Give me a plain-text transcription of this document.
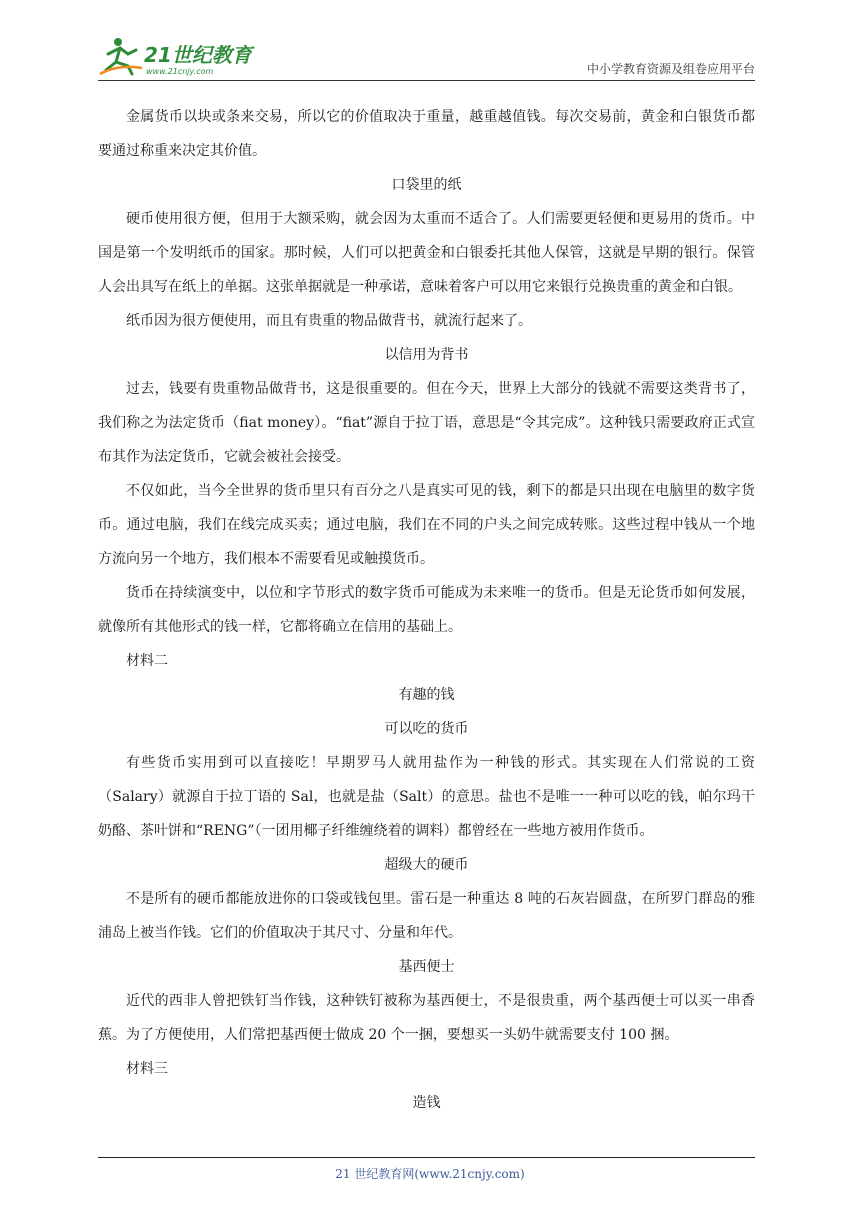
21世纪教育
www.21cnjy.com	中小学教育资源及组卷应用平台

金属货币以块或条来交易，所以它的价值取决于重量，越重越值钱。每次交易前，黄金和白银货币都要通过称重来决定其价值。

口袋里的纸

硬币使用很方便，但用于大额采购，就会因为太重而不适合了。人们需要更轻便和更易用的货币。中国是第一个发明纸币的国家。那时候，人们可以把黄金和白银委托其他人保管，这就是早期的银行。保管人会出具写在纸上的单据。这张单据就是一种承诺，意味着客户可以用它来银行兑换贵重的黄金和白银。

纸币因为很方便使用，而且有贵重的物品做背书，就流行起来了。

以信用为背书

过去，钱要有贵重物品做背书，这是很重要的。但在今天，世界上大部分的钱就不需要这类背书了，我们称之为法定货币（fiat money）。“fiat”源自于拉丁语，意思是“令其完成”。这种钱只需要政府正式宣布其作为法定货币，它就会被社会接受。

不仅如此，当今全世界的货币里只有百分之八是真实可见的钱，剩下的都是只出现在电脑里的数字货币。通过电脑，我们在线完成买卖；通过电脑，我们在不同的户头之间完成转账。这些过程中钱从一个地方流向另一个地方，我们根本不需要看见或触摸货币。

货币在持续演变中，以位和字节形式的数字货币可能成为未来唯一的货币。但是无论货币如何发展，就像所有其他形式的钱一样，它都将确立在信用的基础上。

材料二

有趣的钱

可以吃的货币

有些货币实用到可以直接吃！早期罗马人就用盐作为一种钱的形式。其实现在人们常说的工资（Salary）就源自于拉丁语的 Sal，也就是盐（Salt）的意思。盐也不是唯一一种可以吃的钱，帕尔玛干奶酪、茶叶饼和“RENG”（一团用椰子纤维缠绕着的调料）都曾经在一些地方被用作货币。

超级大的硬币

不是所有的硬币都能放进你的口袋或钱包里。雷石是一种重达 8 吨的石灰岩圆盘，在所罗门群岛的雅浦岛上被当作钱。它们的价值取决于其尺寸、分量和年代。

基西便士

近代的西非人曾把铁钉当作钱，这种铁钉被称为基西便士，不是很贵重，两个基西便士可以买一串香蕉。为了方便使用，人们常把基西便士做成 20 个一捆，要想买一头奶牛就需要支付 100 捆。

材料三

造钱

21 世纪教育网(www.21cnjy.com)
